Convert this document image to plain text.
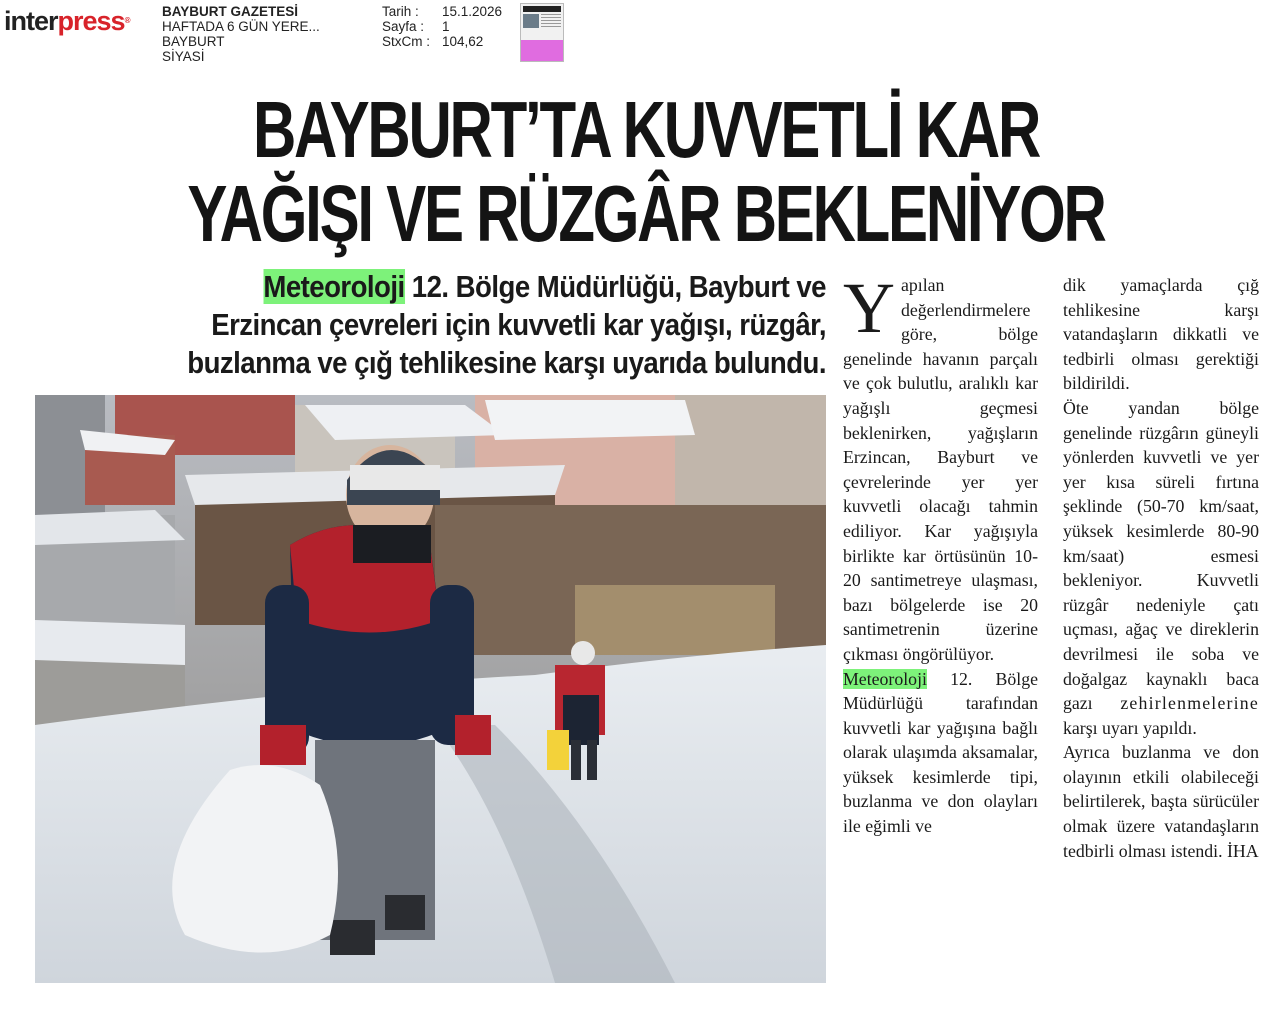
interpress®
BAYBURT GAZETESİ
HAFTADA 6 GÜN YERE...
BAYBURT
SİYASİ
Tarih :	15.1.2026
Sayfa :	1
StxCm : 104,62
BAYBURT’TA KUVVETLİ KAR
YAĞIŞI VE RÜZGÂR BEKLENİYOR
Meteoroloji 12. Bölge Müdürlüğü, Bayburt ve
Erzincan çevreleri için kuvvetli kar yağışı, rüzgâr,
buzlanma ve çığ tehlikesine karşı uyarıda bulundu.

Yapılan değerlendirmelere göre, bölge genelinde havanın parçalı ve çok bulutlu, aralıklı kar yağışlı geçmesi beklenirken, yağışların Erzincan, Bayburt ve çevrelerinde yer yer kuvvetli olacağı tahmin ediliyor. Kar yağışıyla birlikte kar örtüsünün 10-20 santimetreye ulaşması, bazı bölgelerde ise 20 santimetrenin üzerine çıkması öngörülüyor.

Meteoroloji 12. Bölge Müdürlüğü tarafından kuvvetli kar yağışına bağlı olarak ulaşımda aksamalar, yüksek kesimlerde tipi, buzlanma ve don olayları ile eğimli ve

dik yamaçlarda çığ tehlikesine karşı vatandaşların dikkatli ve tedbirli olması gerektiği bildirildi.

Öte yandan bölge genelinde rüzgârın güneyli yönlerden kuvvetli ve yer yer kısa süreli fırtına şeklinde (50-70 km/saat, yüksek kesimlerde 80-90 km/saat) esmesi bekleniyor. Kuvvetli rüzgâr nedeniyle çatı uçması, ağaç ve direklerin devrilmesi ile soba ve doğalgaz kaynaklı baca gazı zehirlenmelerine karşı uyarı yapıldı.

Ayrıca buzlanma ve don olayının etkili olabileceği belirtilerek, başta sürücüler olmak üzere vatandaşların tedbirli olması istendi. İHA
